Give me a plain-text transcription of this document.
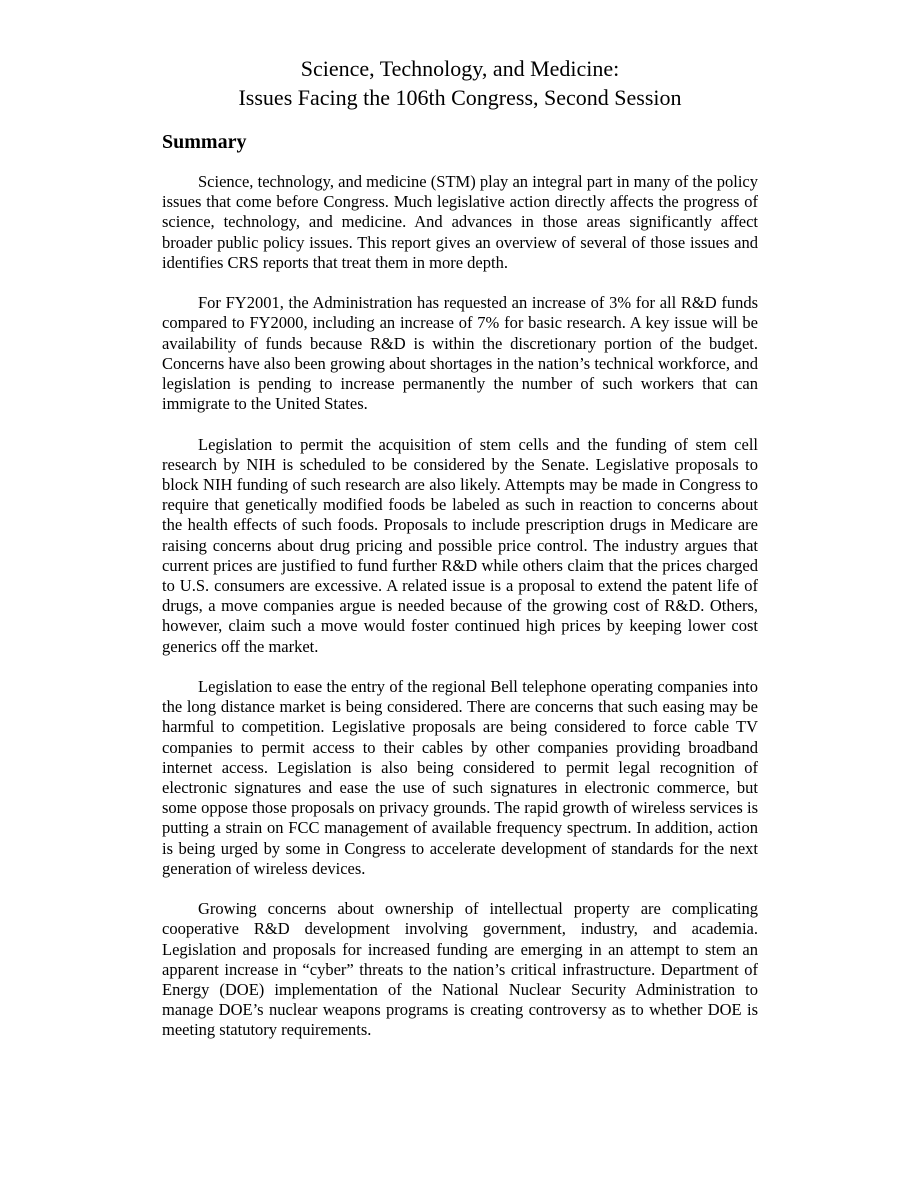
Science, Technology, and Medicine:
Issues Facing the 106th Congress, Second Session
Summary

Science, technology, and medicine (STM) play an integral part in many of the policy issues that come before Congress. Much legislative action directly affects the progress of science, technology, and medicine. And advances in those areas significantly affect broader public policy issues. This report gives an overview of several of those issues and identifies CRS reports that treat them in more depth.

For FY2001, the Administration has requested an increase of 3% for all R&D funds compared to FY2000, including an increase of 7% for basic research. A key issue will be availability of funds because R&D is within the discretionary portion of the budget. Concerns have also been growing about shortages in the nation’s technical workforce, and legislation is pending to increase permanently the number of such workers that can immigrate to the United States.

Legislation to permit the acquisition of stem cells and the funding of stem cell research by NIH is scheduled to be considered by the Senate. Legislative proposals to block NIH funding of such research are also likely. Attempts may be made in Congress to require that genetically modified foods be labeled as such in reaction to concerns about the health effects of such foods. Proposals to include prescription drugs in Medicare are raising concerns about drug pricing and possible price control. The industry argues that current prices are justified to fund further R&D while others claim that the prices charged to U.S. consumers are excessive. A related issue is a proposal to extend the patent life of drugs, a move companies argue is needed because of the growing cost of R&D. Others, however, claim such a move would foster continued high prices by keeping lower cost generics off the market.

Legislation to ease the entry of the regional Bell telephone operating companies into the long distance market is being considered. There are concerns that such easing may be harmful to competition. Legislative proposals are being considered to force cable TV companies to permit access to their cables by other companies providing broadband internet access. Legislation is also being considered to permit legal recognition of electronic signatures and ease the use of such signatures in electronic commerce, but some oppose those proposals on privacy grounds. The rapid growth of wireless services is putting a strain on FCC management of available frequency spectrum. In addition, action is being urged by some in Congress to accelerate development of standards for the next generation of wireless devices.

Growing concerns about ownership of intellectual property are complicating cooperative R&D development involving government, industry, and academia. Legislation and proposals for increased funding are emerging in an attempt to stem an apparent increase in “cyber” threats to the nation’s critical infrastructure. Department of Energy (DOE) implementation of the National Nuclear Security Administration to manage DOE’s nuclear weapons programs is creating controversy as to whether DOE is meeting statutory requirements.
